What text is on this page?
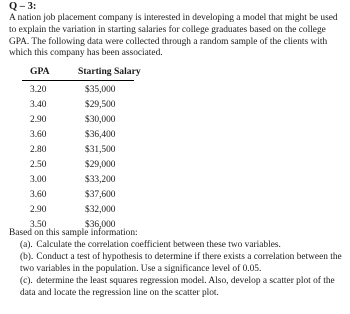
Q – 3:
A nation job placement company is interested in developing a model that might be used to explain the variation in starting salaries for college graduates based on the college GPA. The following data were collected through a random sample of the clients with which this company has been associated.
GPA	Starting Salary
3.20	$35,000
3.40	$29,500
2.90	$30,000
3.60	$36,400
2.80	$31,500
2.50	$29,000
3.00	$33,200
3.60	$37,600
2.90	$32,000
3.50	$36,000
Based on this sample information:
(a). Calculate the correlation coefficient between these two variables.
(b). Conduct a test of hypothesis to determine if there exists a correlation between the two variables in the population. Use a significance level of 0.05.
(c). determine the least squares regression model. Also, develop a scatter plot of the data and locate the regression line on the scatter plot.
